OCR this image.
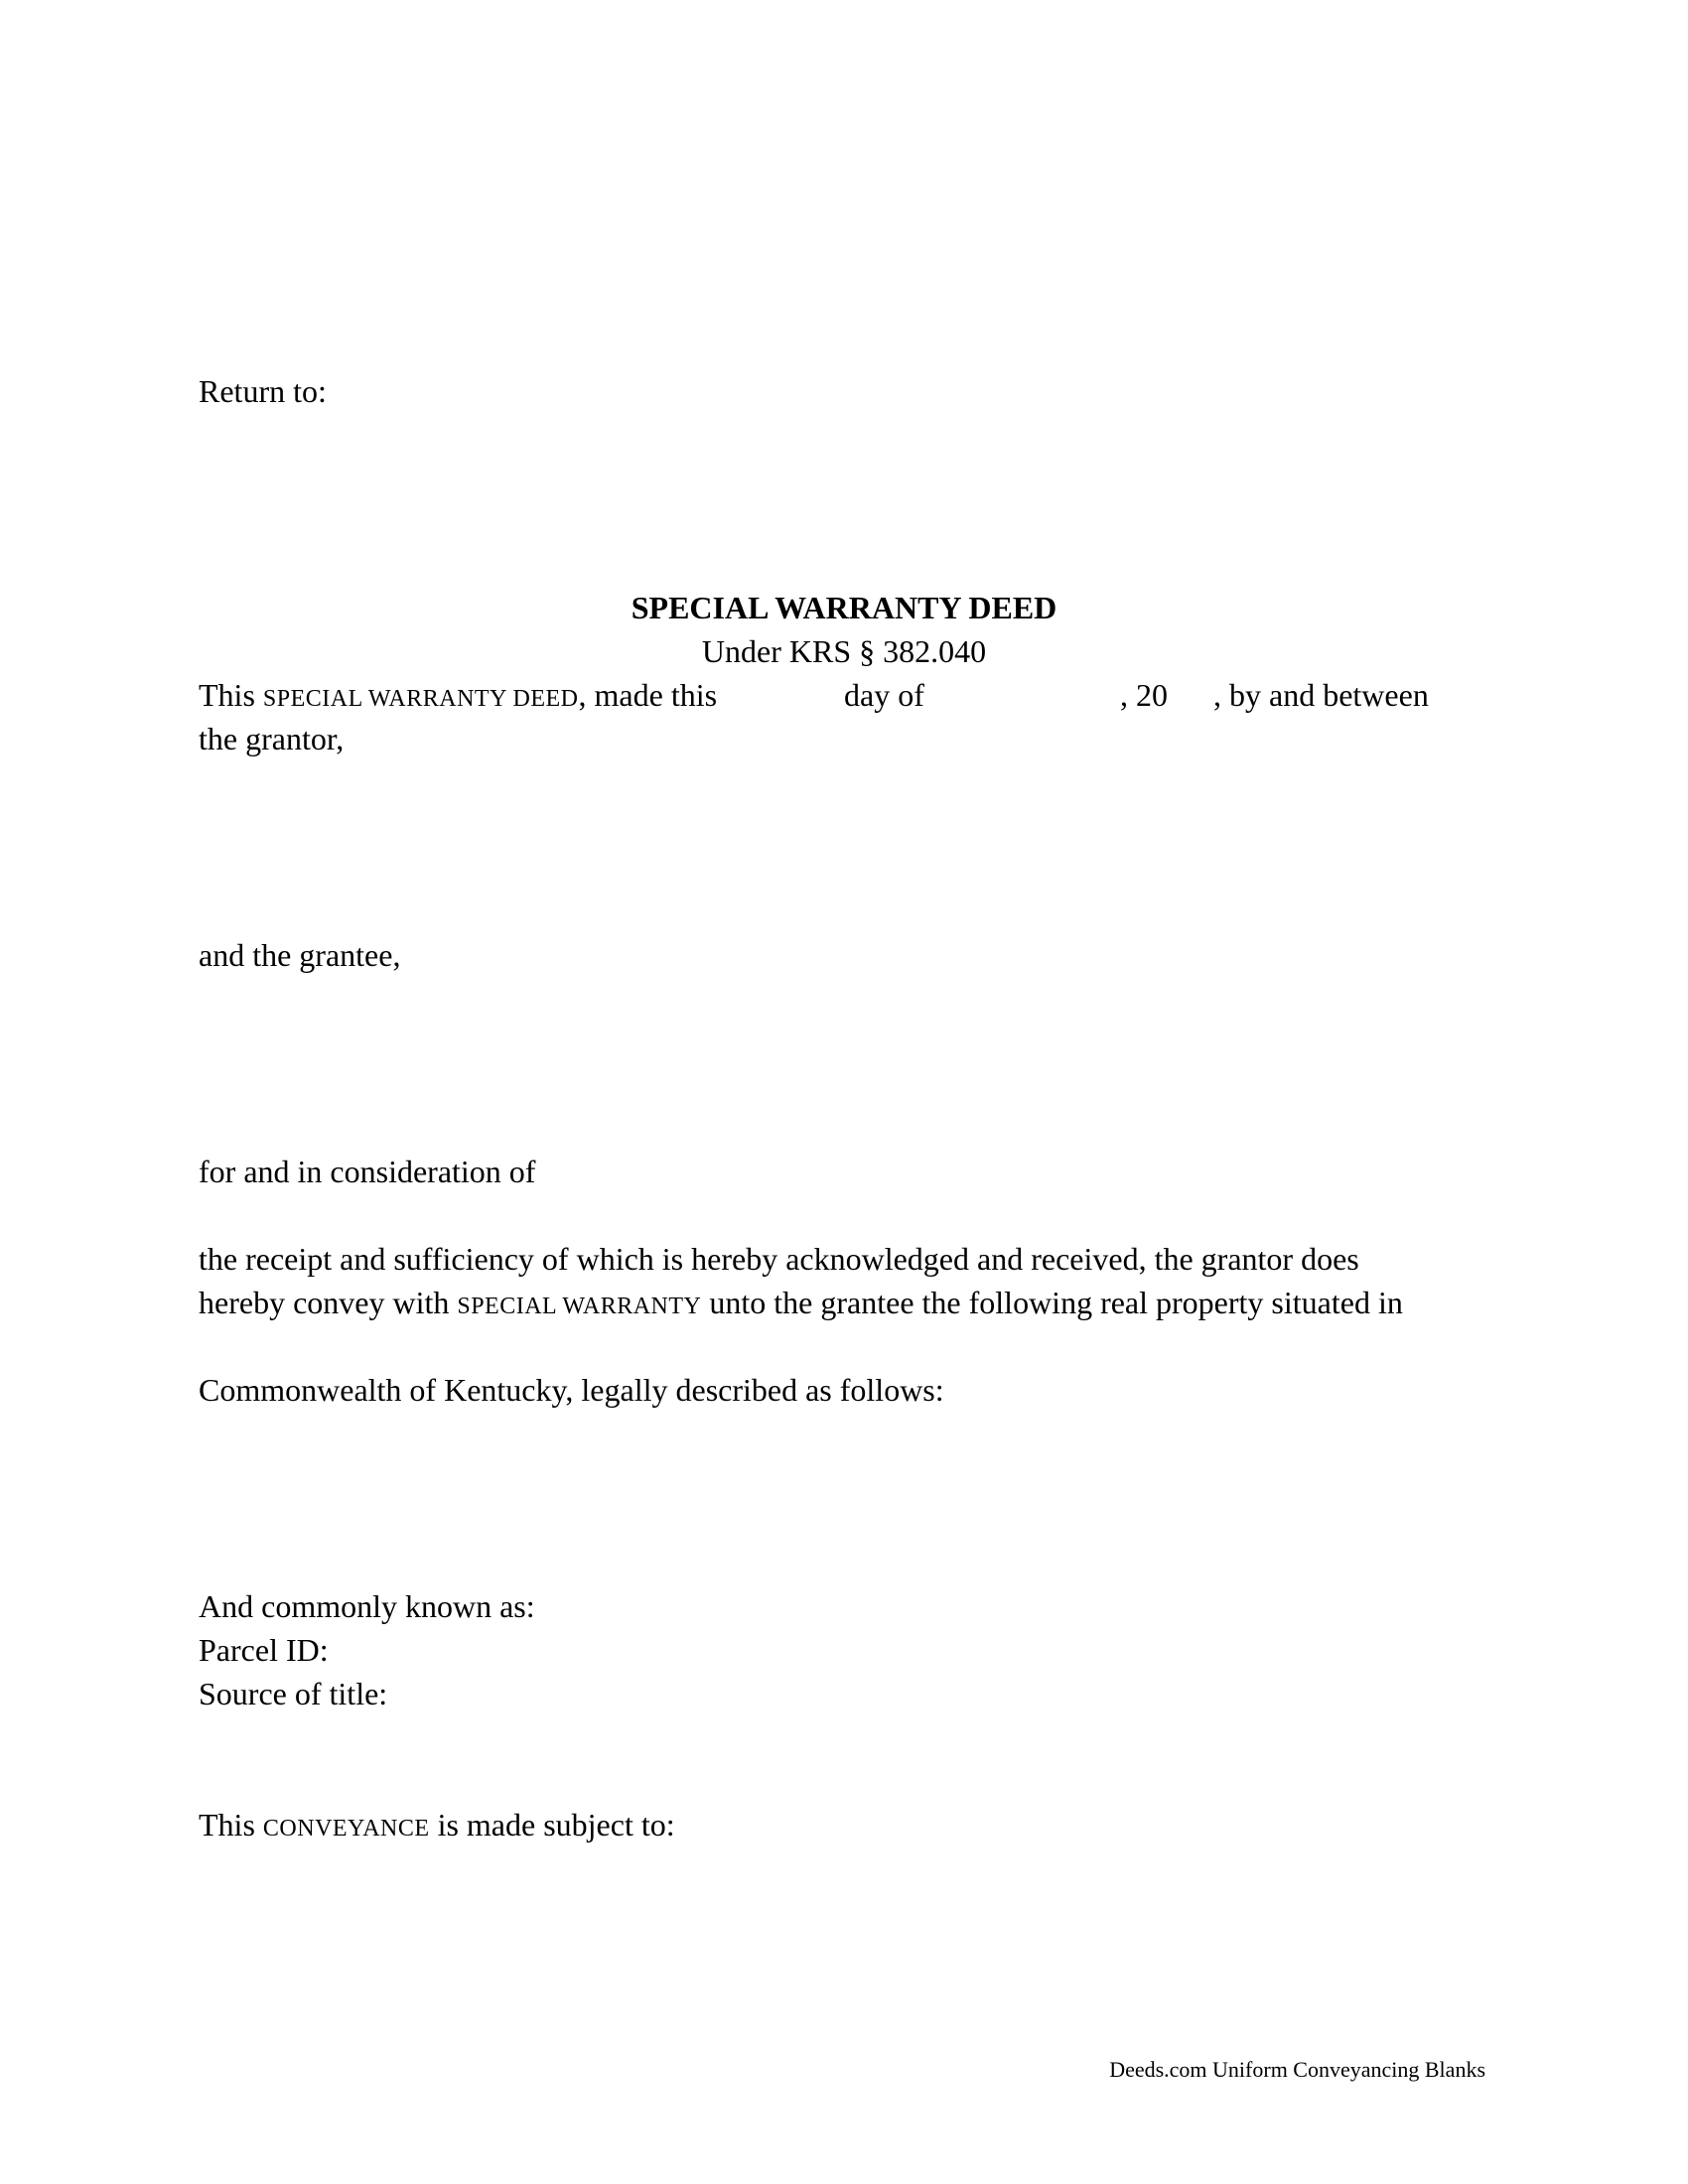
Return to:
SPECIAL WARRANTY DEED
Under KRS § 382.040
This SPECIAL WARRANTY DEED, made this	day of	, 20 , by and between
the grantor,
and the grantee,
for and in consideration of
the receipt and sufficiency of which is hereby acknowledged and received, the grantor does
hereby convey with SPECIAL WARRANTY unto the grantee the following real property situated in
Commonwealth of Kentucky, legally described as follows:
And commonly known as:
Parcel ID:
Source of title:
This CONVEYANCE is made subject to:
Deeds.com Uniform Conveyancing Blanks
